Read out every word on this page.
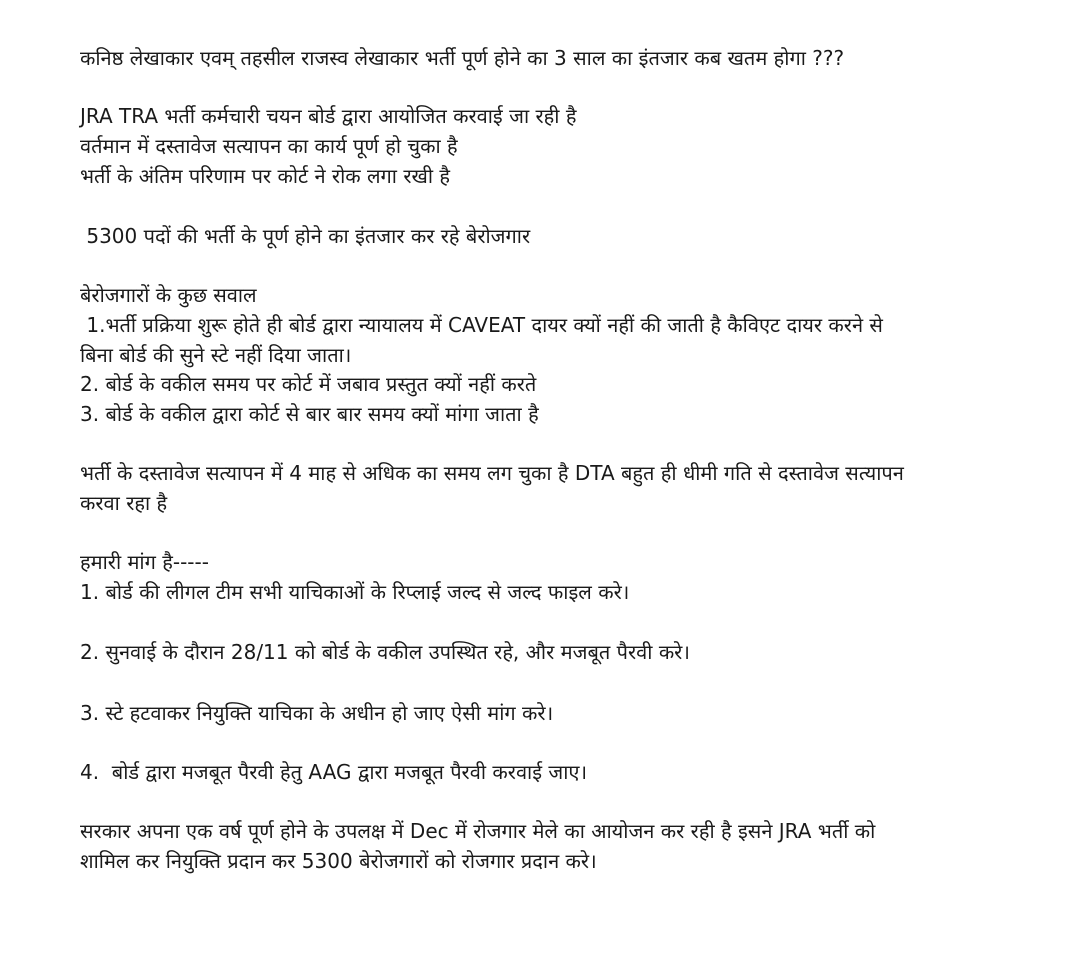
कनिष्ठ लेखाकार एवम् तहसील राजस्व लेखाकार भर्ती पूर्ण होने का 3 साल का इंतजार कब खतम होगा ???
JRA TRA भर्ती कर्मचारी चयन बोर्ड द्वारा आयोजित करवाई जा रही है
वर्तमान में दस्तावेज सत्यापन का कार्य पूर्ण हो चुका है
भर्ती के अंतिम परिणाम पर कोर्ट ने रोक लगा रखी है
5300 पदों की भर्ती के पूर्ण होने का इंतजार कर रहे बेरोजगार
बेरोजगारों के कुछ सवाल
1.भर्ती प्रक्रिया शुरू होते ही बोर्ड द्वारा न्यायालय में CAVEAT दायर क्यों नहीं की जाती है कैविएट दायर करने से
बिना बोर्ड की सुने स्टे नहीं दिया जाता।
2. बोर्ड के वकील समय पर कोर्ट में जबाव प्रस्तुत क्यों नहीं करते
3. बोर्ड के वकील द्वारा कोर्ट से बार बार समय क्यों मांगा जाता है
भर्ती के दस्तावेज सत्यापन में 4 माह से अधिक का समय लग चुका है DTA बहुत ही धीमी गति से दस्तावेज सत्यापन
करवा रहा है
हमारी मांग है-----
1. बोर्ड की लीगल टीम सभी याचिकाओं के रिप्लाई जल्द से जल्द फाइल करे।
2. सुनवाई के दौरान 28/11 को बोर्ड के वकील उपस्थित रहे, और मजबूत पैरवी करे।
3. स्टे हटवाकर नियुक्ति याचिका के अधीन हो जाए ऐसी मांग करे।
4.  बोर्ड द्वारा मजबूत पैरवी हेतु AAG द्वारा मजबूत पैरवी करवाई जाए।
सरकार अपना एक वर्ष पूर्ण होने के उपलक्ष में Dec में रोजगार मेले का आयोजन कर रही है इसने JRA भर्ती को
शामिल कर नियुक्ति प्रदान कर 5300 बेरोजगारों को रोजगार प्रदान करे।
